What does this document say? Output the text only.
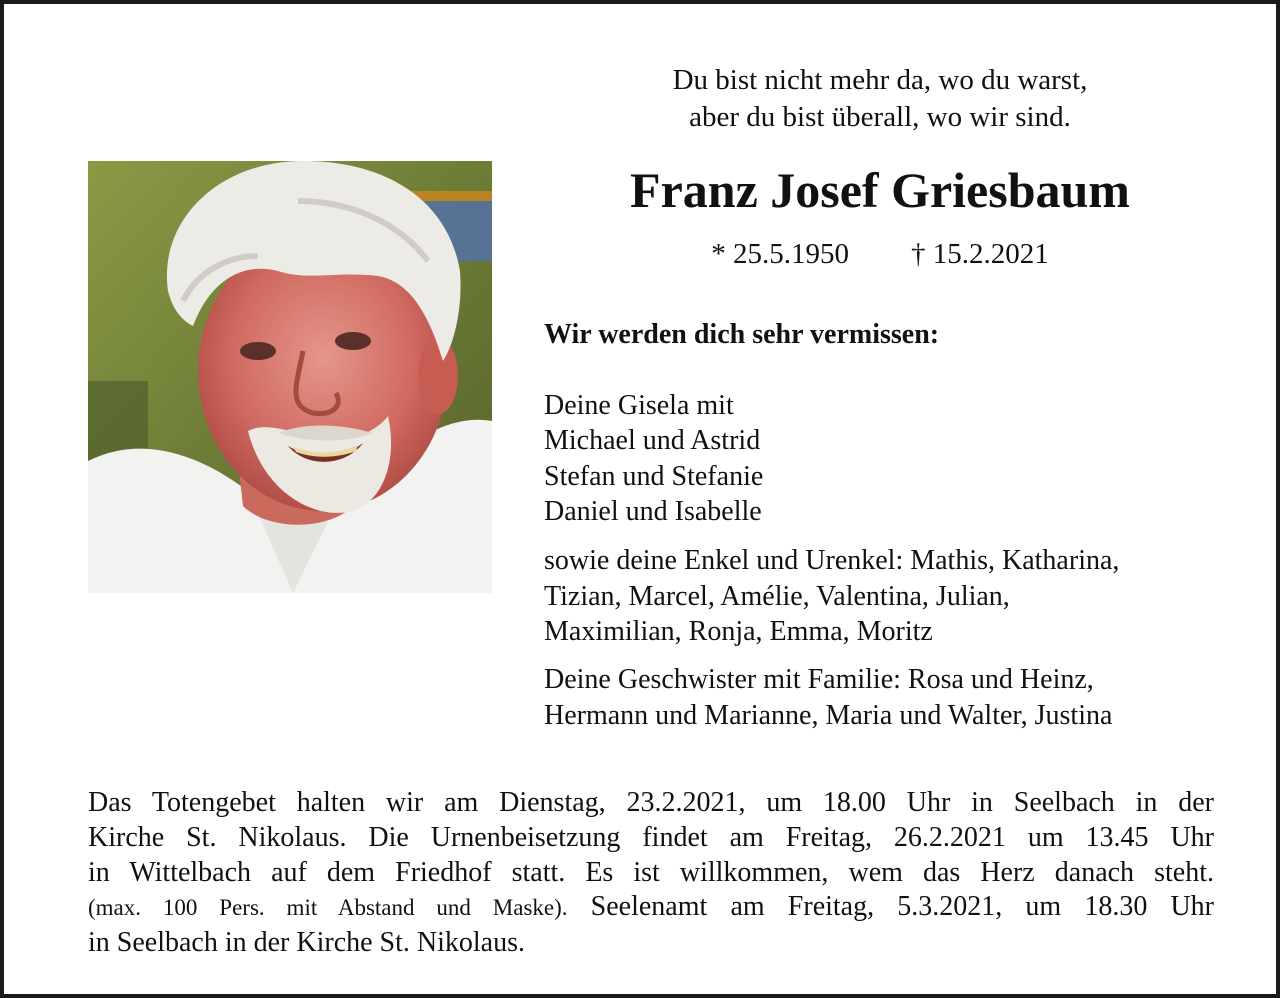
Du bist nicht mehr da, wo du warst,
aber du bist überall, wo wir sind.
Franz Josef Griesbaum
* 25.5.1950 † 15.2.2021
Wir werden dich sehr vermissen:
Deine Gisela mit
Michael und Astrid
Stefan und Stefanie
Daniel und Isabelle
sowie deine Enkel und Urenkel: Mathis, Katharina,
Tizian, Marcel, Amélie, Valentina, Julian,
Maximilian, Ronja, Emma, Moritz
Deine Geschwister mit Familie: Rosa und Heinz,
Hermann und Marianne, Maria und Walter, Justina
Das Totengebet halten wir am Dienstag, 23.2.2021, um 18.00 Uhr in Seelbach in der
Kirche St. Nikolaus. Die Urnenbeisetzung findet am Freitag, 26.2.2021 um 13.45 Uhr
in Wittelbach auf dem Friedhof statt. Es ist willkommen, wem das Herz danach steht.
(max. 100 Pers. mit Abstand und Maske). Seelenamt am Freitag, 5.3.2021, um 18.30 Uhr
in Seelbach in der Kirche St. Nikolaus.
